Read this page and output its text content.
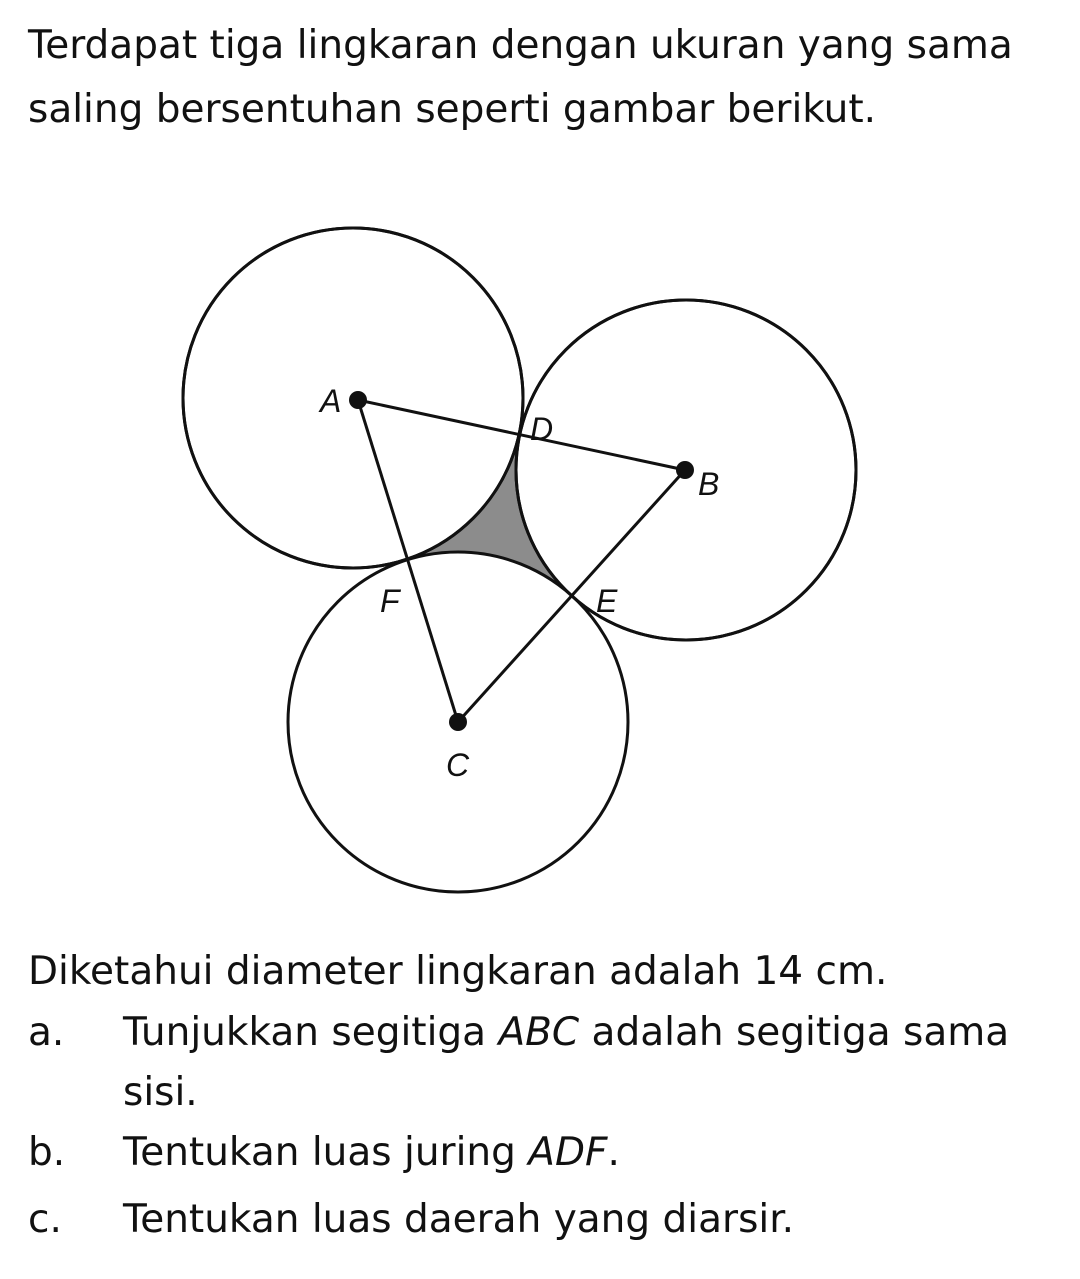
Terdapat tiga lingkaran dengan ukuran yang sama saling bersentuhan seperti gambar berikut.
A
D
B
F	E
C
Diketahui diameter lingkaran adalah 14 cm.
a.	Tunjukkan segitiga ABC adalah segitiga sama sisi.
b.	Tentukan luas juring ADF.
c.	Tentukan luas daerah yang diarsir.
